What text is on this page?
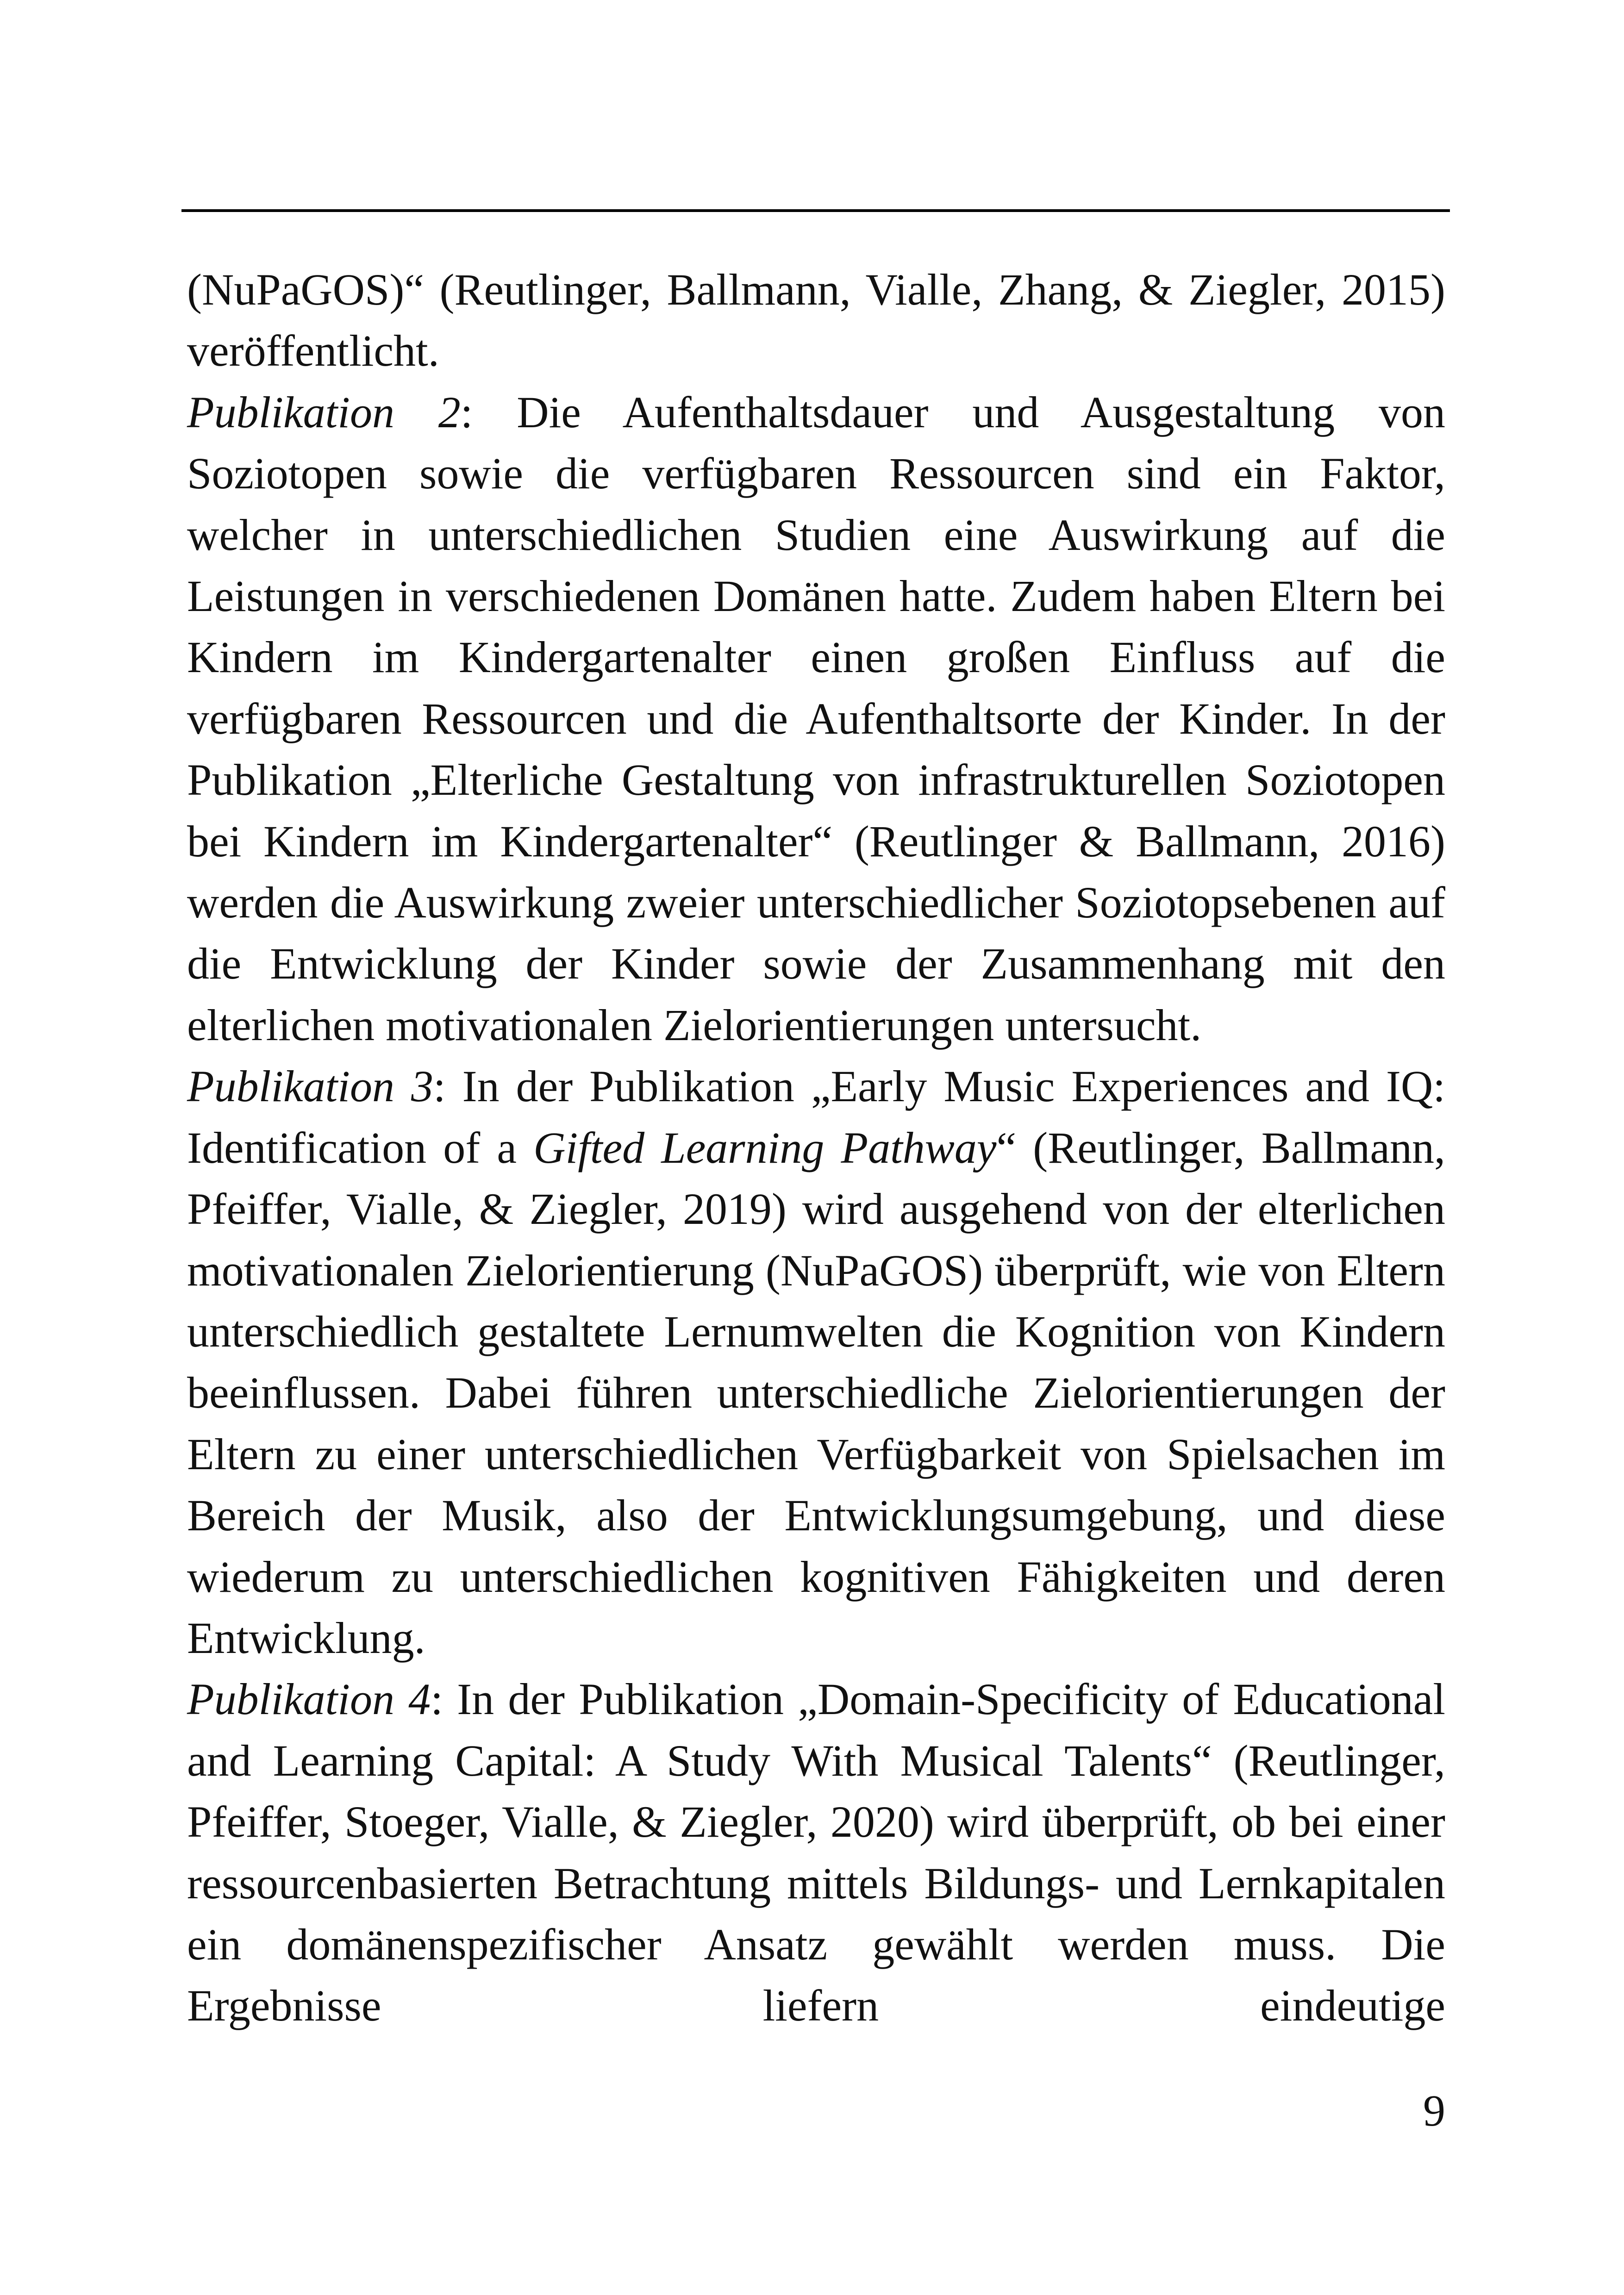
(NuPaGOS)“ (Reutlinger, Ballmann, Vialle, Zhang, & Ziegler, 2015) veröffentlicht.

Publikation 2: Die Aufenthaltsdauer und Ausgestaltung von Soziotopen sowie die verfügbaren Ressourcen sind ein Faktor, welcher in unterschiedlichen Studien eine Auswirkung auf die Leistungen in verschiedenen Domänen hatte. Zudem haben Eltern bei Kindern im Kindergartenalter einen großen Einfluss auf die verfügbaren Ressourcen und die Aufenthaltsorte der Kinder. In der Publikation „Elterliche Gestaltung von infrastrukturellen Soziotopen bei Kindern im Kindergartenalter“ (Reutlinger & Ballmann, 2016) werden die Auswirkung zweier unterschiedlicher Soziotopsebenen auf die Entwicklung der Kinder sowie der Zusammenhang mit den elterlichen motivationalen Zielorientierungen untersucht.

Publikation 3: In der Publikation „Early Music Experiences and IQ: Identification of a Gifted Learning Pathway“ (Reutlinger, Ballmann, Pfeiffer, Vialle, & Ziegler, 2019) wird ausgehend von der elterlichen motivationalen Zielorientierung (NuPaGOS) überprüft, wie von Eltern unterschiedlich gestaltete Lernumwelten die Kognition von Kindern beeinflussen. Dabei führen unterschiedliche Zielorientierungen der Eltern zu einer unterschiedlichen Verfügbarkeit von Spielsachen im Bereich der Musik, also der Entwicklungsumgebung, und diese wiederum zu unterschiedlichen kognitiven Fähigkeiten und deren Entwicklung.

Publikation 4: In der Publikation „Domain-Specificity of Educational and Learning Capital: A Study With Musical Talents“ (Reutlinger, Pfeiffer, Stoeger, Vialle, & Ziegler, 2020) wird überprüft, ob bei einer ressourcenbasierten Betrachtung mittels Bildungs- und Lernkapitalen ein domänenspezifischer Ansatz gewählt werden muss. Die Ergebnisse liefern eindeutige

9
